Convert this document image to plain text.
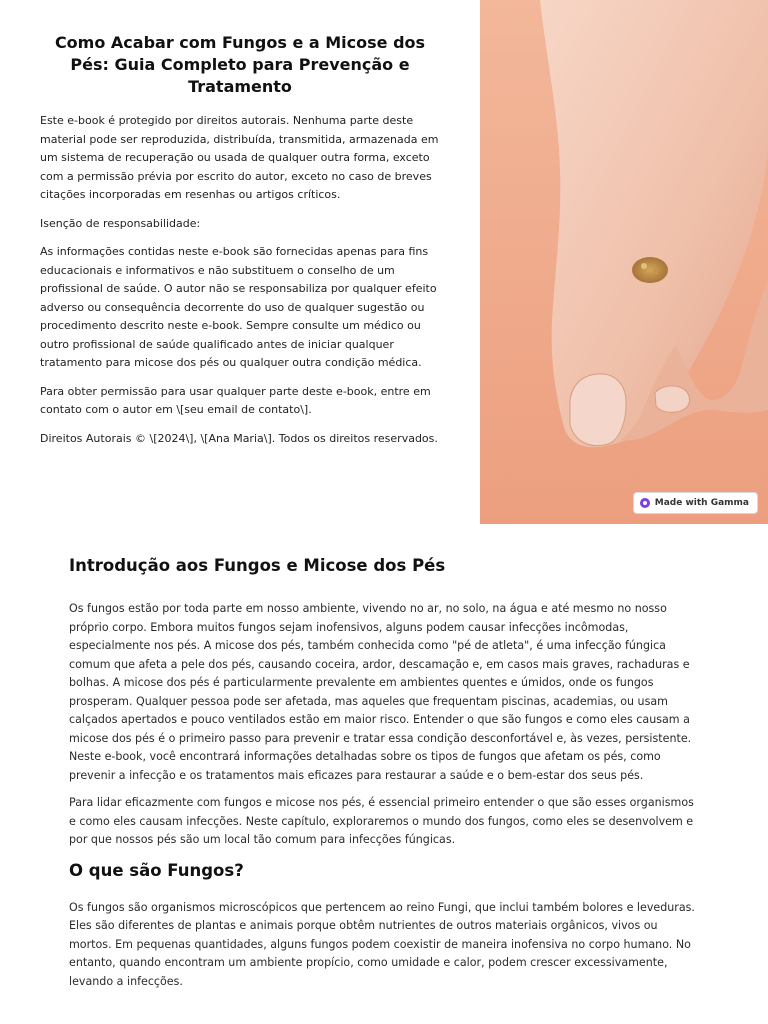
Como Acabar com Fungos e a Micose dos Pés: Guia Completo para Prevenção e Tratamento

Este e-book é protegido por direitos autorais. Nenhuma parte deste material pode ser reproduzida, distribuída, transmitida, armazenada em um sistema de recuperação ou usada de qualquer outra forma, exceto com a permissão prévia por escrito do autor, exceto no caso de breves citações incorporadas em resenhas ou artigos críticos.

Isenção de responsabilidade:

As informações contidas neste e-book são fornecidas apenas para fins educacionais e informativos e não substituem o conselho de um profissional de saúde. O autor não se responsabiliza por qualquer efeito adverso ou consequência decorrente do uso de qualquer sugestão ou procedimento descrito neste e-book. Sempre consulte um médico ou outro profissional de saúde qualificado antes de iniciar qualquer tratamento para micose dos pés ou qualquer outra condição médica.

Para obter permissão para usar qualquer parte deste e-book, entre em contato com o autor em \[seu email de contato\].

Direitos Autorais © \[2024\], \[Ana Maria\]. Todos os direitos reservados.

Made with Gamma
Introdução aos Fungos e Micose dos Pés

Os fungos estão por toda parte em nosso ambiente, vivendo no ar, no solo, na água e até mesmo no nosso próprio corpo. Embora muitos fungos sejam inofensivos, alguns podem causar infecções incômodas, especialmente nos pés. A micose dos pés, também conhecida como "pé de atleta", é uma infecção fúngica comum que afeta a pele dos pés, causando coceira, ardor, descamação e, em casos mais graves, rachaduras e bolhas. A micose dos pés é particularmente prevalente em ambientes quentes e úmidos, onde os fungos prosperam. Qualquer pessoa pode ser afetada, mas aqueles que frequentam piscinas, academias, ou usam calçados apertados e pouco ventilados estão em maior risco. Entender o que são fungos e como eles causam a micose dos pés é o primeiro passo para prevenir e tratar essa condição desconfortável e, às vezes, persistente. Neste e-book, você encontrará informações detalhadas sobre os tipos de fungos que afetam os pés, como prevenir a infecção e os tratamentos mais eficazes para restaurar a saúde e o bem-estar dos seus pés.

Para lidar eficazmente com fungos e micose nos pés, é essencial primeiro entender o que são esses organismos e como eles causam infecções. Neste capítulo, exploraremos o mundo dos fungos, como eles se desenvolvem e por que nossos pés são um local tão comum para infecções fúngicas.

O que são Fungos?

Os fungos são organismos microscópicos que pertencem ao reino Fungi, que inclui também bolores e leveduras. Eles são diferentes de plantas e animais porque obtêm nutrientes de outros materiais orgânicos, vivos ou mortos. Em pequenas quantidades, alguns fungos podem coexistir de maneira inofensiva no corpo humano. No entanto, quando encontram um ambiente propício, como umidade e calor, podem crescer excessivamente, levando a infecções.
